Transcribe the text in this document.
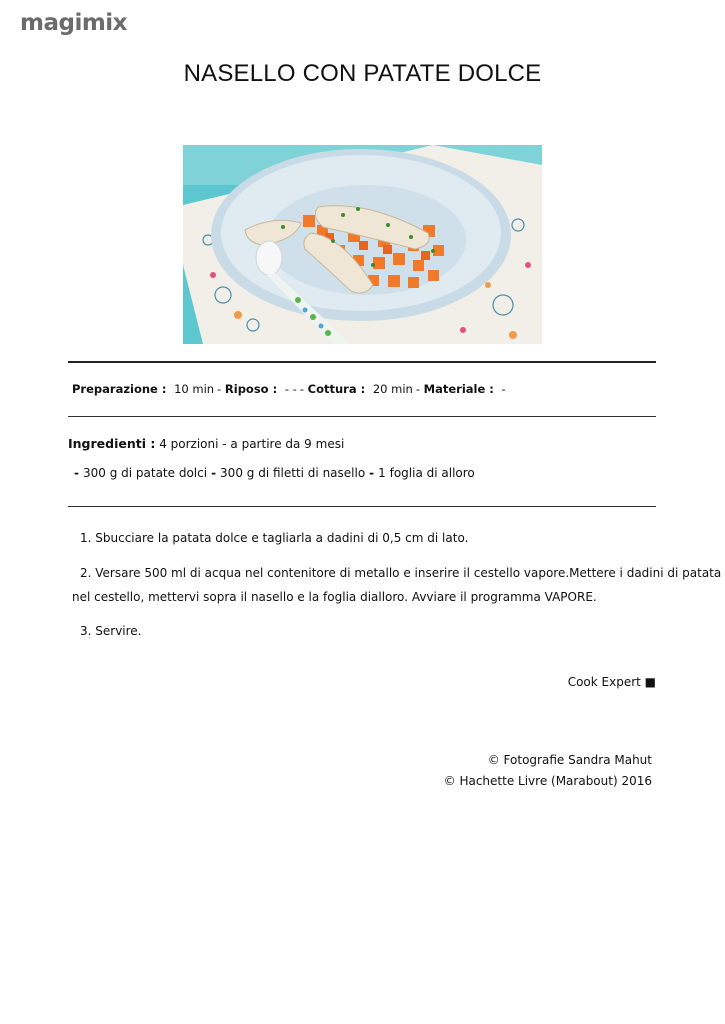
magimix
NASELLO CON PATATE DOLCE
Preparazione : 10 min - Riposo : - - - Cottura : 20 min - Materiale : -
Ingredienti : 4 porzioni - a partire da 9 mesi
- 300 g di patate dolci - 300 g di filetti di nasello - 1 foglia di alloro
1. Sbucciare la patata dolce e tagliarla a dadini di 0,5 cm di lato.
2. Versare 500 ml di acqua nel contenitore di metallo e inserire il cestello vapore.Mettere i dadini di patata
nel cestello, mettervi sopra il nasello e la foglia dialloro. Avviare il programma VAPORE.
3. Servire.
Cook Expert ■
© Fotografie Sandra Mahut
© Hachette Livre (Marabout) 2016
